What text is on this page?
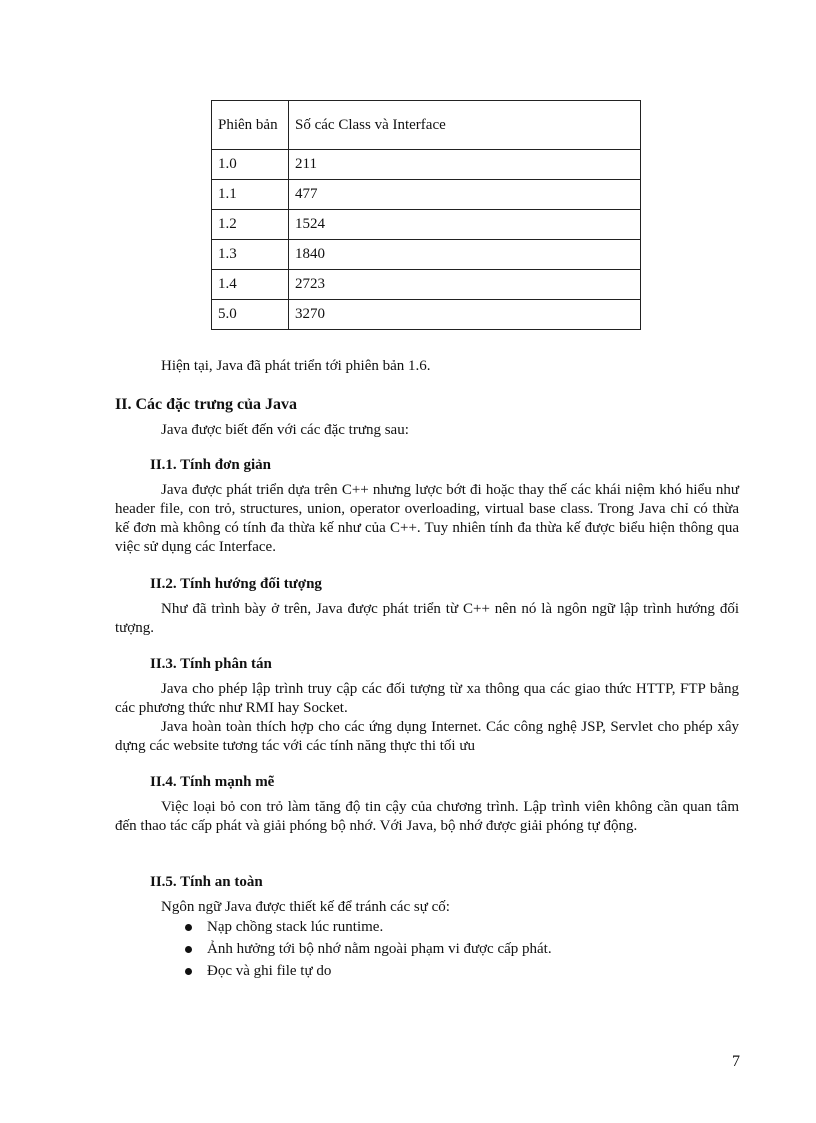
Phiên bản	Số các Class và Interface
1.0	211
1.1	477
1.2	1524
1.3	1840
1.4	2723
5.0	3270
Hiện tại, Java đã phát triển tới phiên bản 1.6.
II. Các đặc trưng của Java
Java được biết đến với các đặc trưng sau:
II.1. Tính đơn giản
Java được phát triển dựa trên C++ nhưng lược bớt đi hoặc thay thế các khái niệm khó hiểu như header file, con trỏ, structures, union, operator overloading, virtual base class. Trong Java chỉ có thừa kế đơn mà không có tính đa thừa kế như của C++. Tuy nhiên tính đa thừa kế được biểu hiện thông qua việc sử dụng các Interface.
II.2. Tính hướng đối tượng
Như đã trình bày ở trên, Java được phát triển từ C++ nên nó là ngôn ngữ lập trình hướng đối tượng.
II.3. Tính phân tán
Java cho phép lập trình truy cập các đối tượng từ xa thông qua các giao thức HTTP, FTP bằng các phương thức như RMI hay Socket.
Java hoàn toàn thích hợp cho các ứng dụng Internet. Các công nghệ JSP, Servlet cho phép xây dựng các website tương tác với các tính năng thực thi tối ưu
II.4. Tính mạnh mẽ
Việc loại bỏ con trỏ làm tăng độ tin cậy của chương trình. Lập trình viên không cần quan tâm đến thao tác cấp phát và giải phóng bộ nhớ. Với Java, bộ nhớ được giải phóng tự động.
II.5. Tính an toàn
Ngôn ngữ Java được thiết kế để tránh các sự cố:
Nạp chồng stack lúc runtime.
Ảnh hưởng tới bộ nhớ nằm ngoài phạm vi được cấp phát.
Đọc và ghi file tự do
7
